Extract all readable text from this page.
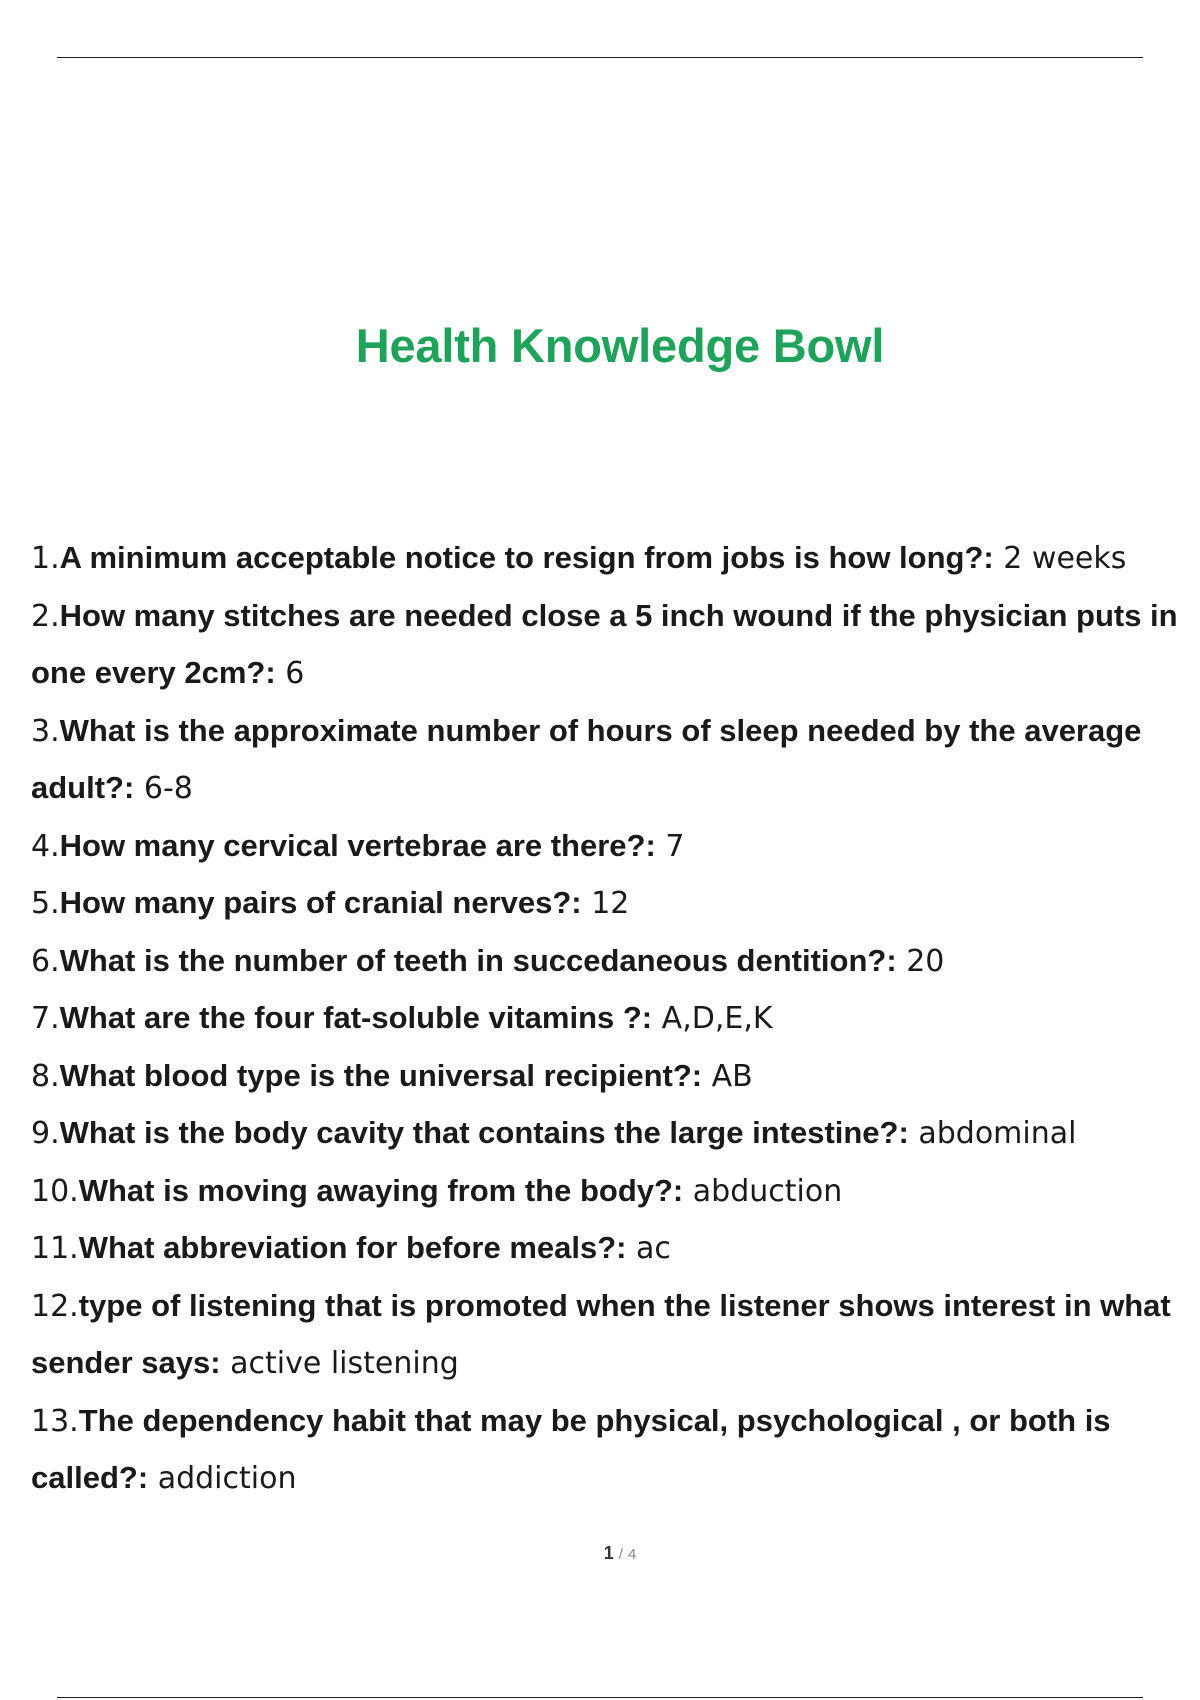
Health Knowledge Bowl
1.A minimum acceptable notice to resign from jobs is how long?: 2 weeks
2.How many stitches are needed close a 5 inch wound if the physician puts in one every 2cm?: 6
3.What is the approximate number of hours of sleep needed by the average adult?: 6-8
4.How many cervical vertebrae are there?: 7
5.How many pairs of cranial nerves?: 12
6.What is the number of teeth in succedaneous dentition?: 20
7.What are the four fat-soluble vitamins ?: A,D,E,K
8.What blood type is the universal recipient?: AB
9.What is the body cavity that contains the large intestine?: abdominal
10.What is moving awaying from the body?: abduction
11.What abbreviation for before meals?: ac
12.type of listening that is promoted when the listener shows interest in what sender says: active listening
13.The dependency habit that may be physical, psychological , or both is called?: addiction
1 / 4
